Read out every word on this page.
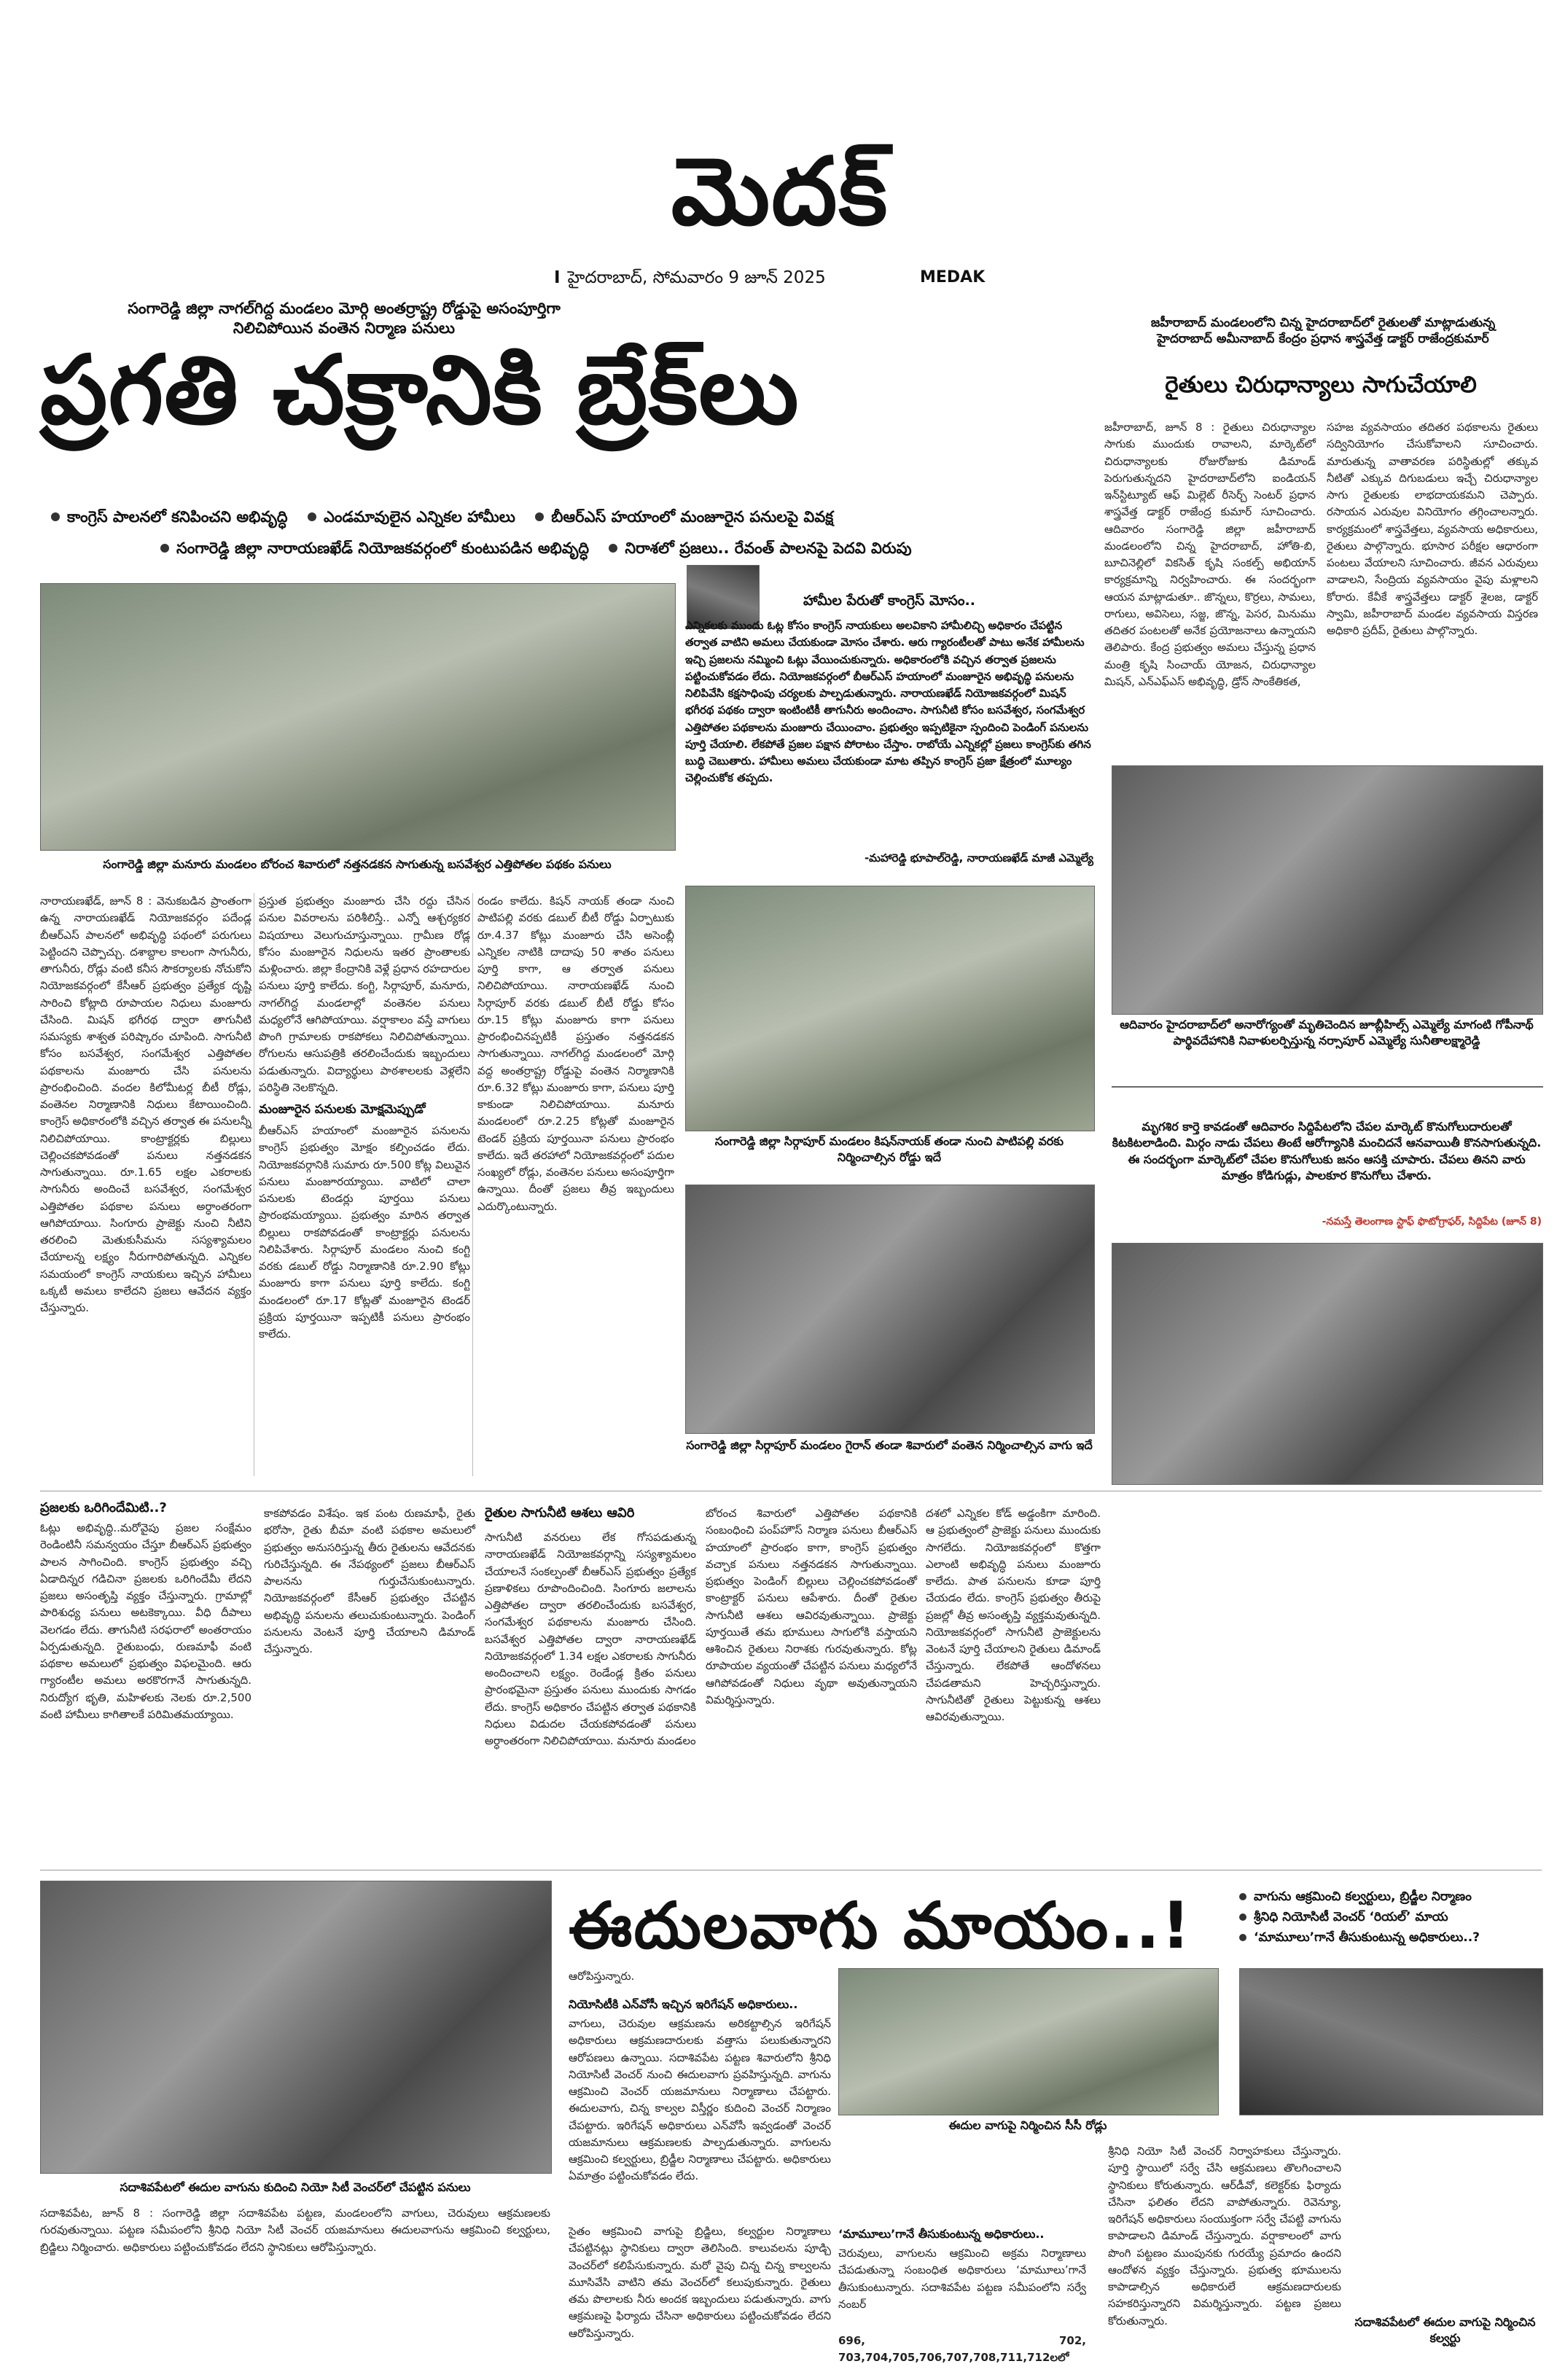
మెదక్
I హైదరాబాద్, సోమవారం 9 జూన్ 2025	MEDAK
సంగారెడ్డి జిల్లా నాగల్‌గిద్ద మండలం మోర్గి అంతర్రాష్ట్ర రోడ్డుపై అసంపూర్తిగా
నిలిచిపోయిన వంతెన నిర్మాణ పనులు
ప్రగతి చక్రానికి బ్రేక్‌లు
కాంగ్రెస్ పాలనలో కనిపించని అభివృద్ధి ఎండమావులైన ఎన్నికల హామీలు బీఆర్ఎస్ హయాంలో మంజూరైన పనులపై వివక్ష
సంగారెడ్డి జిల్లా నారాయణఖేడ్ నియోజకవర్గంలో కుంటుపడిన అభివృద్ధి నిరాశలో ప్రజలు.. రేవంత్ పాలనపై పెదవి విరుపు
జహీరాబాద్ మండలంలోని చిన్న హైదరాబాద్‌లో రైతులతో మాట్లాడుతున్న
హైదరాబాద్ అమీనాబాద్ కేంద్రం ప్రధాన శాస్త్రవేత్త డాక్టర్ రాజేంద్రకుమార్
రైతులు చిరుధాన్యాలు సాగుచేయాలి
జహీరాబాద్, జూన్ 8 : రైతులు చిరుధాన్యాల సాగుకు ముందుకు రావాలని, మార్కెట్‌లో చిరుధాన్యాలకు రోజురోజుకు డిమాండ్ పెరుగుతున్నదని హైదరాబాద్‌లోని ఐండియన్ ఇన్‌స్టిట్యూట్ ఆఫ్ మిల్లెట్ రీసెర్చ్ సెంటర్ ప్రధాన శాస్త్రవేత్త డాక్టర్ రాజేంద్ర కుమార్ సూచించారు. ఆదివారం సంగారెడ్డి జిల్లా జహీరాబాద్ మండలంలోని చిన్న హైదరాబాద్, హోతి-బి, బూచినెల్లిలో వికసిత్ కృషి సంకల్ప్ అభియాన్ కార్యక్రమాన్ని నిర్వహించారు. ఈ సందర్భంగా ఆయన మాట్లాడుతూ.. జొన్నలు, కొర్రలు, సామలు, రాగులు, అవిసెలు, సజ్జ, జొన్న, పెసర, మినుము తదితర పంటలతో అనేక ప్రయోజనాలు ఉన్నాయని తెలిపారు. కేంద్ర ప్రభుత్వం అమలు చేస్తున్న ప్రధాన మంత్రి కృషి సించాయ్ యోజన, చిరుధాన్యాల మిషన్, ఎన్‌ఎఫ్‌ఎస్ అభివృద్ధి, డ్రోన్ సాంకేతికత,
సహజ వ్యవసాయం తదితర పథకాలను రైతులు సద్వినియోగం చేసుకోవాలని సూచించారు. మారుతున్న వాతావరణ పరిస్థితుల్లో తక్కువ నీటితో ఎక్కువ దిగుబడులు ఇచ్చే చిరుధాన్యాల సాగు రైతులకు లాభదాయకమని చెప్పారు. రసాయన ఎరువుల వినియోగం తగ్గించాలన్నారు. కార్యక్రమంలో శాస్త్రవేత్తలు, వ్యవసాయ అధికారులు, రైతులు పాల్గొన్నారు. భూసార పరీక్షల ఆధారంగా పంటలు వేయాలని సూచించారు. జీవన ఎరువులు వాడాలని, సేంద్రియ వ్యవసాయం వైపు మళ్లాలని కోరారు. కేవీకే శాస్త్రవేత్తలు డాక్టర్ శైలజ, డాక్టర్ స్వామి, జహీరాబాద్ మండల వ్యవసాయ విస్తరణ అధికారి ప్రదీప్, రైతులు పాల్గొన్నారు.
సంగారెడ్డి జిల్లా మనూరు మండలం బోరంచ శివారులో నత్తనడకన సాగుతున్న బసవేశ్వర ఎత్తిపోతల పథకం పనులు
హామీల పేరుతో కాంగ్రెస్ మోసం..
ఎన్నికలకు ముందు ఓట్ల కోసం కాంగ్రెస్ నాయకులు అలవికాని హామీలిచ్చి అధికారం చేపట్టిన తర్వాత వాటిని అమలు చేయకుండా మోసం చేశారు. ఆరు గ్యారంటీలతో పాటు అనేక హామీలను ఇచ్చి ప్రజలను నమ్మించి ఓట్లు వేయించుకున్నారు. అధికారంలోకి వచ్చిన తర్వాత ప్రజలను పట్టించుకోవడం లేదు. నియోజకవర్గంలో బీఆర్ఎస్ హయాంలో మంజూరైన అభివృద్ధి పనులను నిలిపివేసి కక్షసాధింపు చర్యలకు పాల్పడుతున్నారు. నారాయణఖేడ్ నియోజకవర్గంలో మిషన్ భగీరథ పథకం ద్వారా ఇంటింటికీ తాగునీరు అందించాం. సాగునీటి కోసం బసవేశ్వర, సంగమేశ్వర ఎత్తిపోతల పథకాలను మంజూరు చేయించాం. ప్రభుత్వం ఇప్పటికైనా స్పందించి పెండింగ్ పనులను పూర్తి చేయాలి. లేకపోతే ప్రజల పక్షాన పోరాటం చేస్తాం. రాబోయే ఎన్నికల్లో ప్రజలు కాంగ్రెస్‌కు తగిన బుద్ధి చెబుతారు. హామీలు అమలు చేయకుండా మాట తప్పిన కాంగ్రెస్ ప్రజా క్షేత్రంలో మూల్యం చెల్లించుకోక తప్పదు.
-మహారెడ్డి భూపాల్‌రెడ్డి, నారాయణఖేడ్ మాజీ ఎమ్మెల్యే
ఆదివారం హైదరాబాద్‌లో అనారోగ్యంతో మృతిచెందిన జూబ్లీహిల్స్ ఎమ్మెల్యే మాగంటి గోపీనాథ్ పార్థివదేహానికి నివాళులర్పిస్తున్న నర్సాపూర్ ఎమ్మెల్యే సునీతాలక్ష్మారెడ్డి
మృగశిర కార్తె కావడంతో ఆదివారం సిద్దిపేటలోని చేపల మార్కెట్ కొనుగోలుదారులతో కిటకిటలాడింది. మిర్గం నాడు చేపలు తింటే ఆరోగ్యానికి మంచిదనే ఆనవాయితీ కొనసాగుతున్నది. ఈ సందర్భంగా మార్కెట్‌లో చేపల కొనుగోలుకు జనం ఆసక్తి చూపారు. చేపలు తినని వారు మాత్రం కోడిగుడ్లు, పాలకూర కొనుగోలు చేశారు.
-నమస్తే తెలంగాణ స్టాఫ్ ఫొటోగ్రాఫర్, సిద్దిపేట (జూన్ 8)
నారాయణఖేడ్, జూన్ 8 : వెనుకబడిన ప్రాంతంగా ఉన్న నారాయణఖేడ్ నియోజకవర్గం పదేండ్ల బీఆర్ఎస్ పాలనలో అభివృద్ధి పథంలో పరుగులు పెట్టిందని చెప్పొచ్చు. దశాబ్దాల కాలంగా సాగునీరు, తాగునీరు, రోడ్లు వంటి కనీస సౌకర్యాలకు నోచుకోని నియోజకవర్గంలో కేసీఆర్ ప్రభుత్వం ప్రత్యేక దృష్టి సారించి కోట్లాది రూపాయల నిధులు మంజూరు చేసింది. మిషన్ భగీరథ ద్వారా తాగునీటి సమస్యకు శాశ్వత పరిష్కారం చూపింది. సాగునీటి కోసం బసవేశ్వర, సంగమేశ్వర ఎత్తిపోతల పథకాలను మంజూరు చేసి పనులను ప్రారంభించింది. వందల కిలోమీటర్ల బీటీ రోడ్లు, వంతెనల నిర్మాణానికి నిధులు కేటాయించింది. కాంగ్రెస్ అధికారంలోకి వచ్చిన తర్వాత ఈ పనులన్నీ నిలిచిపోయాయి. కాంట్రాక్టర్లకు బిల్లులు చెల్లించకపోవడంతో పనులు నత్తనడకన సాగుతున్నాయి. రూ.1.65 లక్షల ఎకరాలకు సాగునీరు అందించే బసవేశ్వర, సంగమేశ్వర ఎత్తిపోతల పథకాల పనులు అర్ధాంతరంగా ఆగిపోయాయి. సింగూరు ప్రాజెక్టు నుంచి నీటిని తరలించి మెతుకుసీమను సస్యశ్యామలం చేయాలన్న లక్ష్యం నీరుగారిపోతున్నది. ఎన్నికల సమయంలో కాంగ్రెస్ నాయకులు ఇచ్చిన హామీలు ఒక్కటీ అమలు కాలేదని ప్రజలు ఆవేదన వ్యక్తం చేస్తున్నారు.
ప్రస్తుత ప్రభుత్వం మంజూరు చేసి రద్దు చేసిన పనుల వివరాలను పరిశీలిస్తే.. ఎన్నో ఆశ్చర్యకర విషయాలు వెలుగుచూస్తున్నాయి. గ్రామీణ రోడ్ల కోసం మంజూరైన నిధులను ఇతర ప్రాంతాలకు మళ్లించారు. జిల్లా కేంద్రానికి వెళ్లే ప్రధాన రహదారుల పనులు పూర్తి కాలేదు. కంగ్టి, సిర్గాపూర్, మనూరు, నాగల్‌గిద్ద మండలాల్లో వంతెనల పనులు మధ్యలోనే ఆగిపోయాయి. వర్షాకాలం వస్తే వాగులు పొంగి గ్రామాలకు రాకపోకలు నిలిచిపోతున్నాయి. రోగులను ఆసుపత్రికి తరలించేందుకు ఇబ్బందులు పడుతున్నారు. విద్యార్థులు పాఠశాలలకు వెళ్లలేని పరిస్థితి నెలకొన్నది.
మంజూరైన పనులకు మోక్షమెప్పుడో
బీఆర్ఎస్ హయాంలో మంజూరైన పనులను కాంగ్రెస్ ప్రభుత్వం మోక్షం కల్పించడం లేదు. నియోజకవర్గానికి సుమారు రూ.500 కోట్ల విలువైన పనులు మంజూరయ్యాయి. వాటిలో చాలా పనులకు టెండర్లు పూర్తయి పనులు ప్రారంభమయ్యాయి. ప్రభుత్వం మారిన తర్వాత బిల్లులు రాకపోవడంతో కాంట్రాక్టర్లు పనులను నిలిపివేశారు. సిర్గాపూర్ మండలం నుంచి కంగ్టి వరకు డబుల్ రోడ్డు నిర్మాణానికి రూ.2.90 కోట్లు మంజూరు కాగా పనులు పూర్తి కాలేదు. కంగ్టి మండలంలో రూ.17 కోట్లతో మంజూరైన టెండర్ ప్రక్రియ పూర్తయినా ఇప్పటికీ పనులు ప్రారంభం కాలేదు.
రండం కాలేదు. కిషన్ నాయక్ తండా నుంచి పాటిపల్లి వరకు డబుల్ బీటీ రోడ్డు ఏర్పాటుకు రూ.4.37 కోట్లు మంజూరు చేసి అసెంబ్లీ ఎన్నికల నాటికి దాదాపు 50 శాతం పనులు పూర్తి కాగా, ఆ తర్వాత పనులు నిలిచిపోయాయి. నారాయణఖేడ్ నుంచి సిర్గాపూర్ వరకు డబుల్ బీటీ రోడ్డు కోసం రూ.15 కోట్లు మంజూరు కాగా పనులు ప్రారంభించినప్పటికీ ప్రస్తుతం నత్తనడకన సాగుతున్నాయి. నాగల్‌గిద్ద మండలంలో మోర్గి వద్ద అంతర్రాష్ట్ర రోడ్డుపై వంతెన నిర్మాణానికి రూ.6.32 కోట్లు మంజూరు కాగా, పనులు పూర్తి కాకుండా నిలిచిపోయాయి. మనూరు మండలంలో రూ.2.25 కోట్లతో మంజూరైన టెండర్ ప్రక్రియ పూర్తయినా పనులు ప్రారంభం కాలేదు. ఇదే తరహాలో నియోజకవర్గంలో పదుల సంఖ్యలో రోడ్లు, వంతెనల పనులు అసంపూర్తిగా ఉన్నాయి. దీంతో ప్రజలు తీవ్ర ఇబ్బందులు ఎదుర్కొంటున్నారు.
సంగారెడ్డి జిల్లా సిర్గాపూర్ మండలం కిషన్‌నాయక్ తండా నుంచి పాటిపల్లి వరకు నిర్మించాల్సిన రోడ్డు ఇదే
సంగారెడ్డి జిల్లా సిర్గాపూర్ మండలం గైరాన్ తండా శివారులో వంతెన నిర్మించాల్సిన వాగు ఇదే
ప్రజలకు ఒరిగిందేమిటి..?
ఓట్లు అభివృద్ధి..మరోవైపు ప్రజల సంక్షేమం రెండింటినీ సమన్వయం చేస్తూ బీఆర్ఎస్ ప్రభుత్వం పాలన సాగించింది. కాంగ్రెస్ ప్రభుత్వం వచ్చి ఏడాదిన్నర గడిచినా ప్రజలకు ఒరిగిందేమీ లేదని ప్రజలు అసంతృప్తి వ్యక్తం చేస్తున్నారు. గ్రామాల్లో పారిశుధ్య పనులు అటకెక్కాయి. వీధి దీపాలు వెలగడం లేదు. తాగునీటి సరఫరాలో అంతరాయం ఏర్పడుతున్నది. రైతుబంధు, రుణమాఫీ వంటి పథకాల అమలులో ప్రభుత్వం విఫలమైంది. ఆరు గ్యారంటీల అమలు అరకొరగానే సాగుతున్నది. నిరుద్యోగ భృతి, మహిళలకు నెలకు రూ.2,500 వంటి హామీలు కాగితాలకే పరిమితమయ్యాయి.
కాకపోవడం విశేషం. ఇక పంట రుణమాఫీ, రైతు భరోసా, రైతు బీమా వంటి పథకాల అమలులో ప్రభుత్వం అనుసరిస్తున్న తీరు రైతులను ఆవేదనకు గురిచేస్తున్నది. ఈ నేపథ్యంలో ప్రజలు బీఆర్ఎస్ పాలనను గుర్తుచేసుకుంటున్నారు. నియోజకవర్గంలో కేసీఆర్ ప్రభుత్వం చేపట్టిన అభివృద్ధి పనులను తలుచుకుంటున్నారు. పెండింగ్ పనులను వెంటనే పూర్తి చేయాలని డిమాండ్ చేస్తున్నారు.
రైతుల సాగునీటి ఆశలు ఆవిరి
సాగునీటి వనరులు లేక గోసపడుతున్న నారాయణఖేడ్ నియోజకవర్గాన్ని సస్యశ్యామలం చేయాలనే సంకల్పంతో బీఆర్ఎస్ ప్రభుత్వం ప్రత్యేక ప్రణాళికలు రూపొందించింది. సింగూరు జలాలను ఎత్తిపోతల ద్వారా తరలించేందుకు బసవేశ్వర, సంగమేశ్వర పథకాలను మంజూరు చేసింది. బసవేశ్వర ఎత్తిపోతల ద్వారా నారాయణఖేడ్ నియోజకవర్గంలో 1.34 లక్షల ఎకరాలకు సాగునీరు అందించాలని లక్ష్యం. రెండేండ్ల క్రితం పనులు ప్రారంభమైనా ప్రస్తుతం పనులు ముందుకు సాగడం లేదు. కాంగ్రెస్ అధికారం చేపట్టిన తర్వాత పథకానికి నిధులు విడుదల చేయకపోవడంతో పనులు అర్ధాంతరంగా నిలిచిపోయాయి. మనూరు మండలం
బోరంచ శివారులో ఎత్తిపోతల పథకానికి సంబంధించి పంప్‌హౌస్ నిర్మాణ పనులు బీఆర్ఎస్ హయాంలో ప్రారంభం కాగా, కాంగ్రెస్ ప్రభుత్వం వచ్చాక పనులు నత్తనడకన సాగుతున్నాయి. ప్రభుత్వం పెండింగ్ బిల్లులు చెల్లించకపోవడంతో కాంట్రాక్టర్ పనులు ఆపేశారు. దీంతో రైతుల సాగునీటి ఆశలు ఆవిరవుతున్నాయి. ప్రాజెక్టు పూర్తయితే తమ భూములు సాగులోకి వస్తాయని ఆశించిన రైతులు నిరాశకు గురవుతున్నారు. కోట్ల రూపాయల వ్యయంతో చేపట్టిన పనులు మధ్యలోనే ఆగిపోవడంతో నిధులు వృథా అవుతున్నాయని విమర్శిస్తున్నారు.
దశలో ఎన్నికల కోడ్ అడ్డంకిగా మారింది. ఆ ప్రభుత్వంలో ప్రాజెక్టు పనులు ముందుకు సాగలేదు. నియోజకవర్గంలో కొత్తగా ఎలాంటి అభివృద్ధి పనులు మంజూరు కాలేదు. పాత పనులను కూడా పూర్తి చేయడం లేదు. కాంగ్రెస్ ప్రభుత్వం తీరుపై ప్రజల్లో తీవ్ర అసంతృప్తి వ్యక్తమవుతున్నది. నియోజకవర్గంలో సాగునీటి ప్రాజెక్టులను వెంటనే పూర్తి చేయాలని రైతులు డిమాండ్ చేస్తున్నారు. లేకపోతే ఆందోళనలు చేపడతామని హెచ్చరిస్తున్నారు. సాగునీటితో రైతులు పెట్టుకున్న ఆశలు ఆవిరవుతున్నాయి.
ఈదులవాగు మాయం..!	వాగును ఆక్రమించి కల్వర్టులు, బ్రిడ్జీల నిర్మాణం
శ్రీనిధి నియోసిటీ వెంచర్ ‘రియల్’ మాయ
‘మామూలు’గానే తీసుకుంటున్న అధికారులు..?
సదాశివపేటలో ఈదుల వాగును కుదించి నియో సిటీ వెంచర్‌లో చేపట్టిన పనులు
సదాశివపేట, జూన్ 8 : సంగారెడ్డి జిల్లా సదాశివపేట పట్టణ, మండలంలోని వాగులు, చెరువులు ఆక్రమణలకు గురవుతున్నాయి. పట్టణ సమీపంలోని శ్రీనిధి నియో సిటీ వెంచర్ యజమానులు ఈదులవాగును ఆక్రమించి కల్వర్టులు, బ్రిడ్జిలు నిర్మించారు. అధికారులు పట్టించుకోవడం లేదని స్థానికులు ఆరోపిస్తున్నారు.
ఆరోపిస్తున్నారు.
నియోసిటీకి ఎన్‌వోసీ ఇచ్చిన ఇరిగేషన్ అధికారులు..
వాగులు, చెరువుల ఆక్రమణను అరికట్టాల్సిన ఇరిగేషన్ అధికారులు ఆక్రమణదారులకు వత్తాసు పలుకుతున్నారని ఆరోపణలు ఉన్నాయి. సదాశివపేట పట్టణ శివారులోని శ్రీనిధి నియోసిటీ వెంచర్ నుంచి ఈదులవాగు ప్రవహిస్తున్నది. వాగును ఆక్రమించి వెంచర్ యజమానులు నిర్మాణాలు చేపట్టారు. ఈదులవాగు, చిన్న కాల్వల విస్తీర్ణం కుదించి వెంచర్ నిర్మాణం చేపట్టారు. ఇరిగేషన్ అధికారులు ఎన్‌వోసీ ఇవ్వడంతో వెంచర్ యజమానులు ఆక్రమణలకు పాల్పడుతున్నారు. వాగులను ఆక్రమించి కల్వర్టులు, బ్రిడ్జీల నిర్మాణాలు చేపట్టారు. అధికారులు ఏమాత్రం పట్టించుకోవడం లేదు.
సైతం ఆక్రమించి వాగుపై బ్రిడ్జిలు, కల్వర్టుల నిర్మాణాలు చేపట్టినట్లు స్థానికులు ద్వారా తెలిసింది. కాలువలను పూడ్చి వెంచర్‌లో కలిపేసుకున్నారు. మరో వైపు చిన్న చిన్న కాల్వలను మూసివేసి వాటిని తమ వెంచర్‌లో కలుపుకున్నారు. రైతులు తమ పొలాలకు నీరు అందక ఇబ్బందులు పడుతున్నారు. వాగు ఆక్రమణపై ఫిర్యాదు చేసినా అధికారులు పట్టించుకోవడం లేదని ఆరోపిస్తున్నారు.
‘మామూలు’గానే తీసుకుంటున్న అధికారులు..
చెరువులు, వాగులను ఆక్రమించి అక్రమ నిర్మాణాలు చేపడుతున్నా సంబంధిత అధికారులు ‘మామూలు’గానే తీసుకుంటున్నారు. సదాశివపేట పట్టణ సమీపంలోని సర్వే నంబర్‌
696, 702, 703,704,705,706,707,708,711,712లలో
ఈదుల వాగుపై నిర్మించిన సీసీ రోడ్లు
శ్రీనిధి నియో సిటీ వెంచర్ నిర్వాహకులు చేస్తున్నారు. పూర్తి స్థాయిలో సర్వే చేసి ఆక్రమణలు తొలగించాలని స్థానికులు కోరుతున్నారు. ఆర్‌డీవో, కలెక్టర్‌కు ఫిర్యాదు చేసినా ఫలితం లేదని వాపోతున్నారు. రెవెన్యూ, ఇరిగేషన్ అధికారులు సంయుక్తంగా సర్వే చేపట్టి వాగును కాపాడాలని డిమాండ్ చేస్తున్నారు. వర్షాకాలంలో వాగు పొంగి పట్టణం ముంపునకు గురయ్యే ప్రమాదం ఉందని ఆందోళన వ్యక్తం చేస్తున్నారు. ప్రభుత్వ భూములను కాపాడాల్సిన అధికారులే ఆక్రమణదారులకు సహకరిస్తున్నారని విమర్శిస్తున్నారు. పట్టణ ప్రజలు కోరుతున్నారు.	సదాశివపేటలో ఈదుల వాగుపై నిర్మించిన కల్వర్టు
